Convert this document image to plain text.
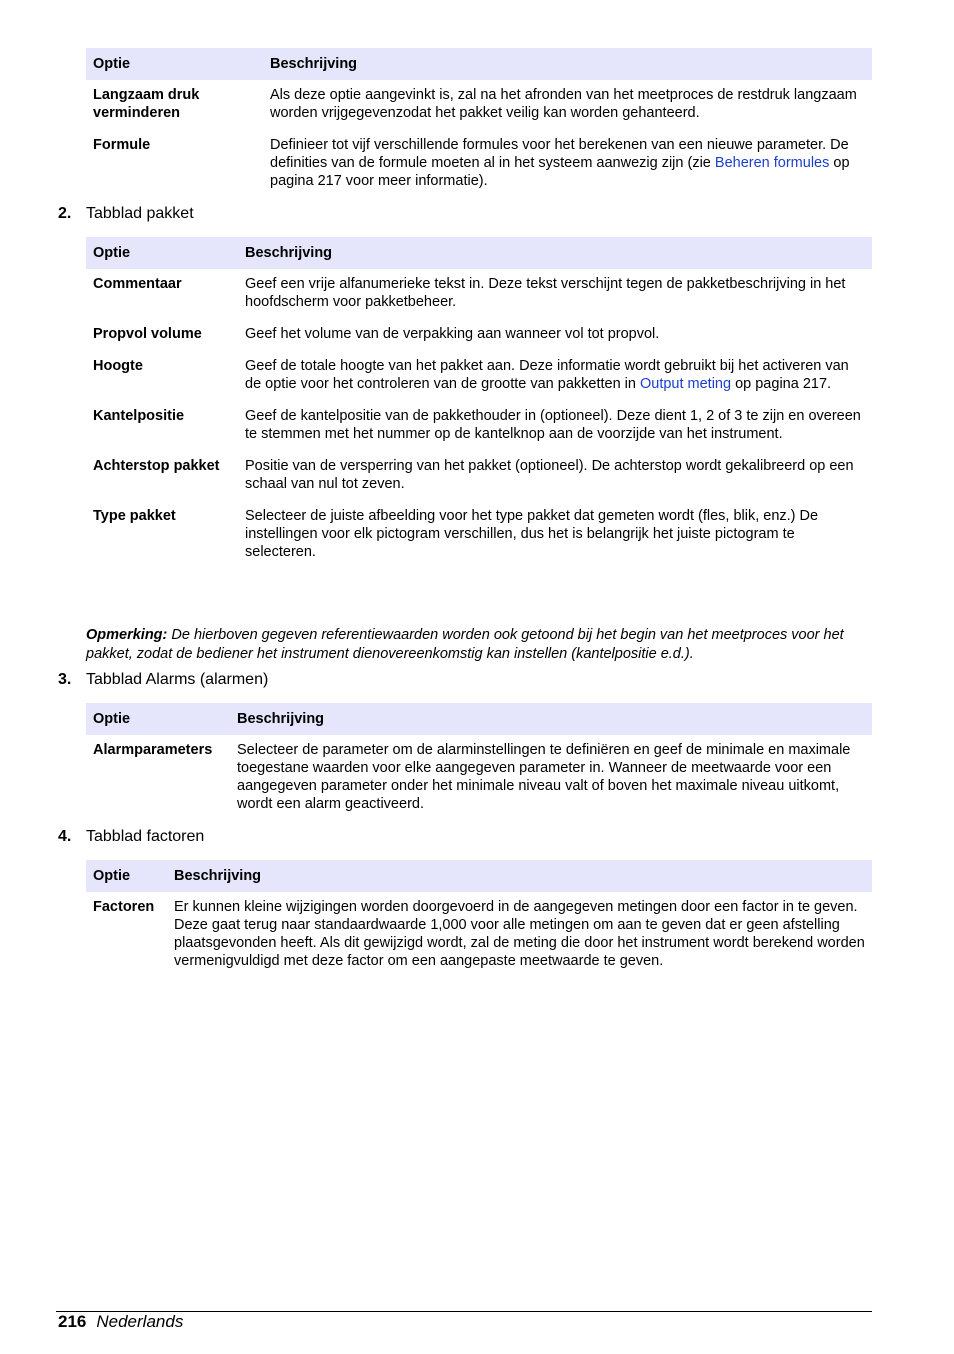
Optie	Beschrijving
Langzaam druk verminderen	Als deze optie aangevinkt is, zal na het afronden van het meetproces de restdruk langzaam worden vrijgegevenzodat het pakket veilig kan worden gehanteerd.
Formule	Definieer tot vijf verschillende formules voor het berekenen van een nieuwe parameter. De definities van de formule moeten al in het systeem aanwezig zijn (zie Beheren formules op pagina 217 voor meer informatie).
2. Tabblad pakket
Optie	Beschrijving
Commentaar	Geef een vrije alfanumerieke tekst in. Deze tekst verschijnt tegen de pakketbeschrijving in het hoofdscherm voor pakketbeheer.
Propvol volume	Geef het volume van de verpakking aan wanneer vol tot propvol.
Hoogte	Geef de totale hoogte van het pakket aan. Deze informatie wordt gebruikt bij het activeren van de optie voor het controleren van de grootte van pakketten in Output meting op pagina 217.
Kantelpositie	Geef de kantelpositie van de pakkethouder in (optioneel). Deze dient 1, 2 of 3 te zijn en overeen te stemmen met het nummer op de kantelknop aan de voorzijde van het instrument.
Achterstop pakket	Positie van de versperring van het pakket (optioneel). De achterstop wordt gekalibreerd op een schaal van nul tot zeven.
Type pakket	Selecteer de juiste afbeelding voor het type pakket dat gemeten wordt (fles, blik, enz.) De instellingen voor elk pictogram verschillen, dus het is belangrijk het juiste pictogram te selecteren.
Opmerking: De hierboven gegeven referentiewaarden worden ook getoond bij het begin van het meetproces voor het pakket, zodat de bediener het instrument dienovereenkomstig kan instellen (kantelpositie e.d.).
3. Tabblad Alarms (alarmen)
Optie	Beschrijving
Alarmparameters	Selecteer de parameter om de alarminstellingen te definiëren en geef de minimale en maximale toegestane waarden voor elke aangegeven parameter in. Wanneer de meetwaarde voor een aangegeven parameter onder het minimale niveau valt of boven het maximale niveau uitkomt, wordt een alarm geactiveerd.
4. Tabblad factoren
Optie	Beschrijving
Factoren	Er kunnen kleine wijzigingen worden doorgevoerd in de aangegeven metingen door een factor in te geven. Deze gaat terug naar standaardwaarde 1,000 voor alle metingen om aan te geven dat er geen afstelling plaatsgevonden heeft. Als dit gewijzigd wordt, zal de meting die door het instrument wordt berekend worden vermenigvuldigd met deze factor om een aangepaste meetwaarde te geven.
216 Nederlands
